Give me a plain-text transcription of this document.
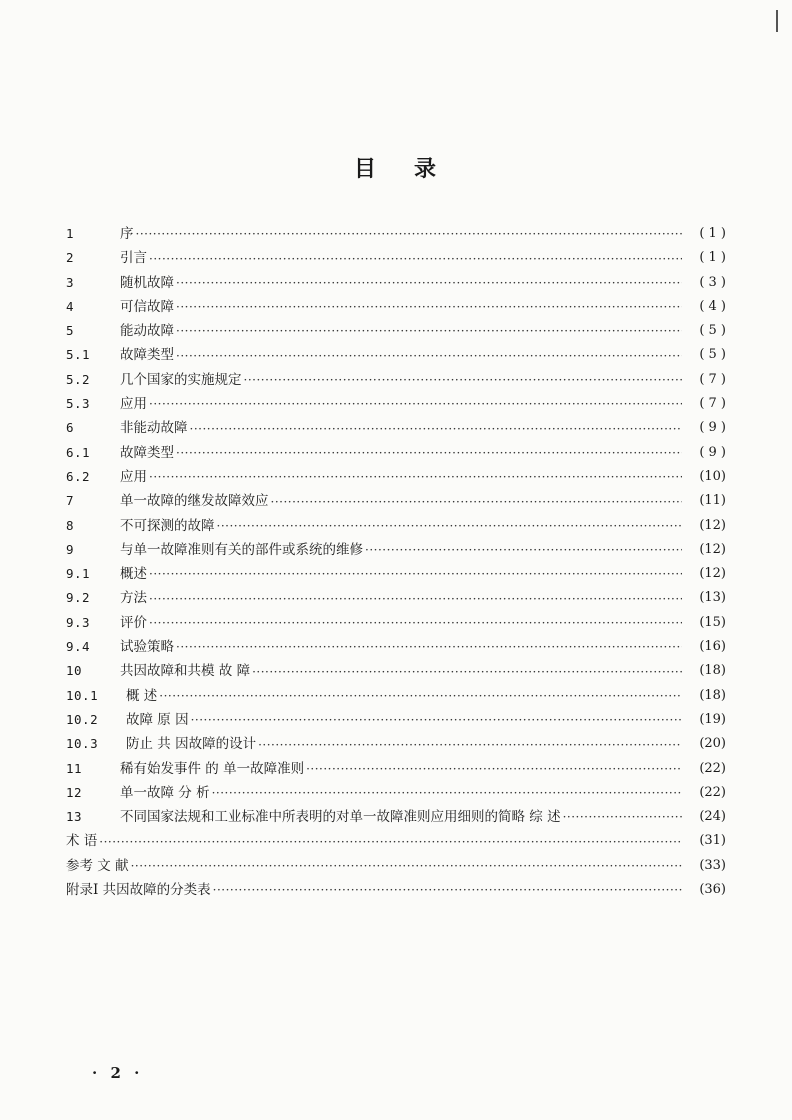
目 录
1	序 ·····	( 1 )
2	引言 ·····	( 1 )
3	随机故障 ·····	( 3 )
4	可信故障 ·····	( 4 )
5	能动故障 ·····	( 5 )
5.1	故障类型 ·····	( 5 )
5.2	几个国家的实施规定 ·····	( 7 )
5.3	应用 ·····	( 7 )
6	非能动故障 ·····	( 9 )
6.1	故障类型 ·····	( 9 )
6.2	应用 ·····	(10)
7	单一故障的继发故障效应 ·····	(11)
8	不可探测的故障 ·····	(12)
9	与单一故障准则有关的部件或系统的维修 ·····	(12)
9.1	概述 ·····	(12)
9.2	方法 ·····	(13)
9.3	评价 ·····	(15)
9.4	试验策略 ·····	(16)
10	共因故障和共模 故 障 ·····	(18)
10.1	概 述 ·····	(18)
10.2	故障 原 因 ·····	(19)
10.3	防止 共 因故障的设计 ·····	(20)
11	稀有始发事件 的 单一故障准则 ·····	(22)
12	单一故障 分 析 ·····	(22)
13	不同国家法规和工业标准中所表明的对单一故障准则应用细则的简略 综 述 ·····	(24)
术 语 ·····	(31)
参考 文 献 ·····	(33)
附录Ⅰ 共因故障的分类表 ·····	(36)
· 2 ·
